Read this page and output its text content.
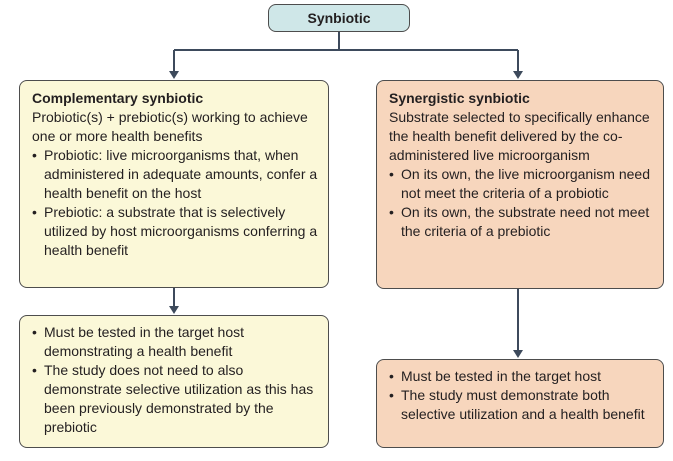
Synbiotic

Complementary synbiotic

Probiotic(s) + prebiotic(s) working to achieve one or more health benefits

• Probiotic: live microorganisms that, when administered in adequate amounts, confer a health benefit on the host
• Prebiotic: a substrate that is selectively utilized by host microorganisms conferring a health benefit

Synergistic synbiotic

Substrate selected to specifically enhance the health benefit delivered by the co-administered live microorganism

• On its own, the live microorganism need not meet the criteria of a probiotic
• On its own, the substrate need not meet the criteria of a prebiotic
• Must be tested in the target host demonstrating a health benefit
• The study does not need to also demonstrate selective utilization as this has been previously demonstrated by the prebiotic
• Must be tested in the target host
• The study must demonstrate both selective utilization and a health benefit
